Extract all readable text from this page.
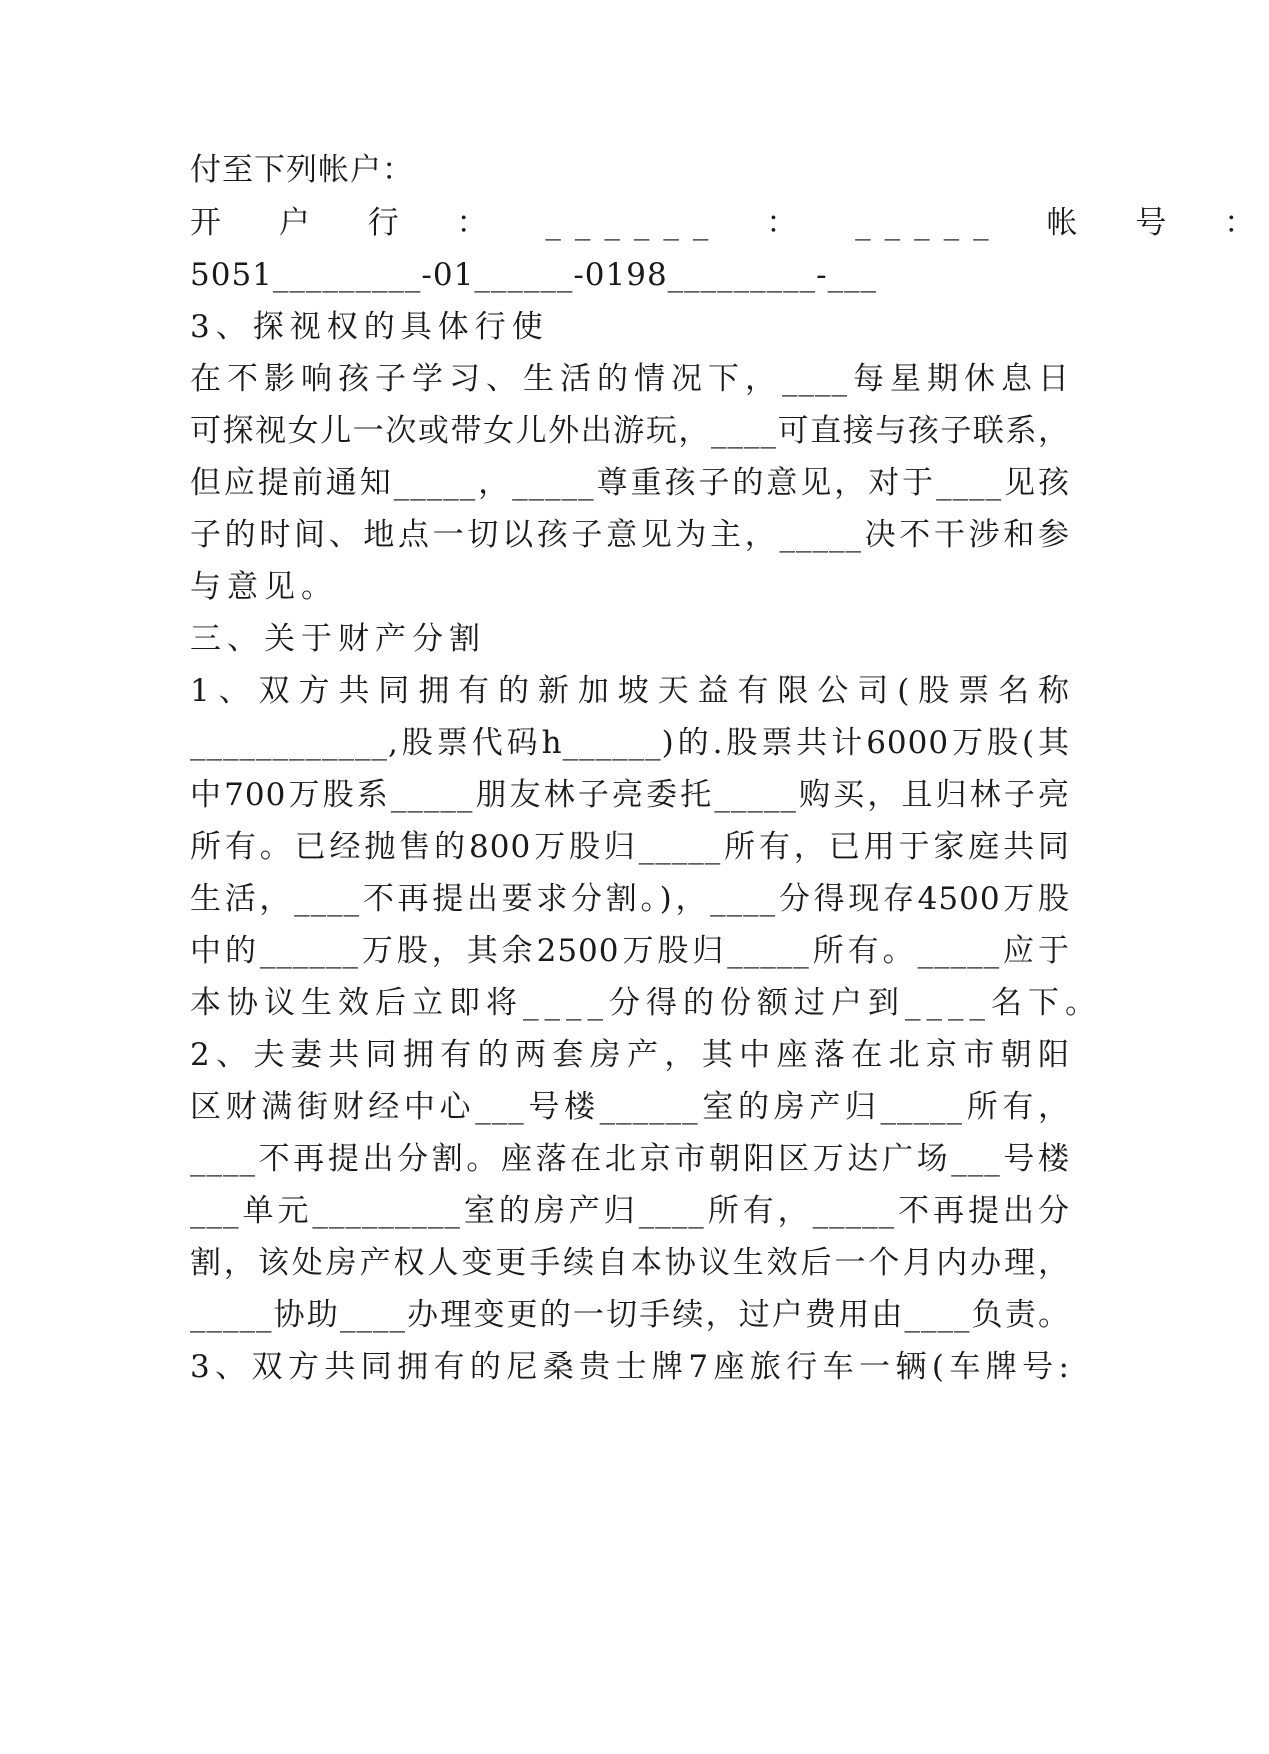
付至下列帐户：
开 户 行 ： ______ ： _____ 帐 号 ：
5051_________-01______-0198_________-___
3、探视权的具体行使
在不影响孩子学习、生活的情况下，____每星期休息日
可探视女儿一次或带女儿外出游玩，____可直接与孩子联系，
但应提前通知_____，_____尊重孩子的意见，对于____见孩
子的时间、地点一切以孩子意见为主，_____决不干涉和参
与意见。
三、关于财产分割
1、双方共同拥有的新加坡天益有限公司(股票名称
____________,股票代码h______)的.股票共计6000万股(其
中700万股系_____朋友林子亮委托_____购买，且归林子亮
所有。已经抛售的800万股归_____所有，已用于家庭共同
生活，____不再提出要求分割。)，____分得现存4500万股
中的______万股，其余2500万股归_____所有。_____应于
本协议生效后立即将____分得的份额过户到____名下。
2、夫妻共同拥有的两套房产，其中座落在北京市朝阳
区财满街财经中心___号楼______室的房产归_____所有，
____不再提出分割。座落在北京市朝阳区万达广场___号楼
___单元_________室的房产归____所有，_____不再提出分
割，该处房产权人变更手续自本协议生效后一个月内办理，
_____协助____办理变更的一切手续，过户费用由____负责。
3、双方共同拥有的尼桑贵士牌7座旅行车一辆(车牌号:
